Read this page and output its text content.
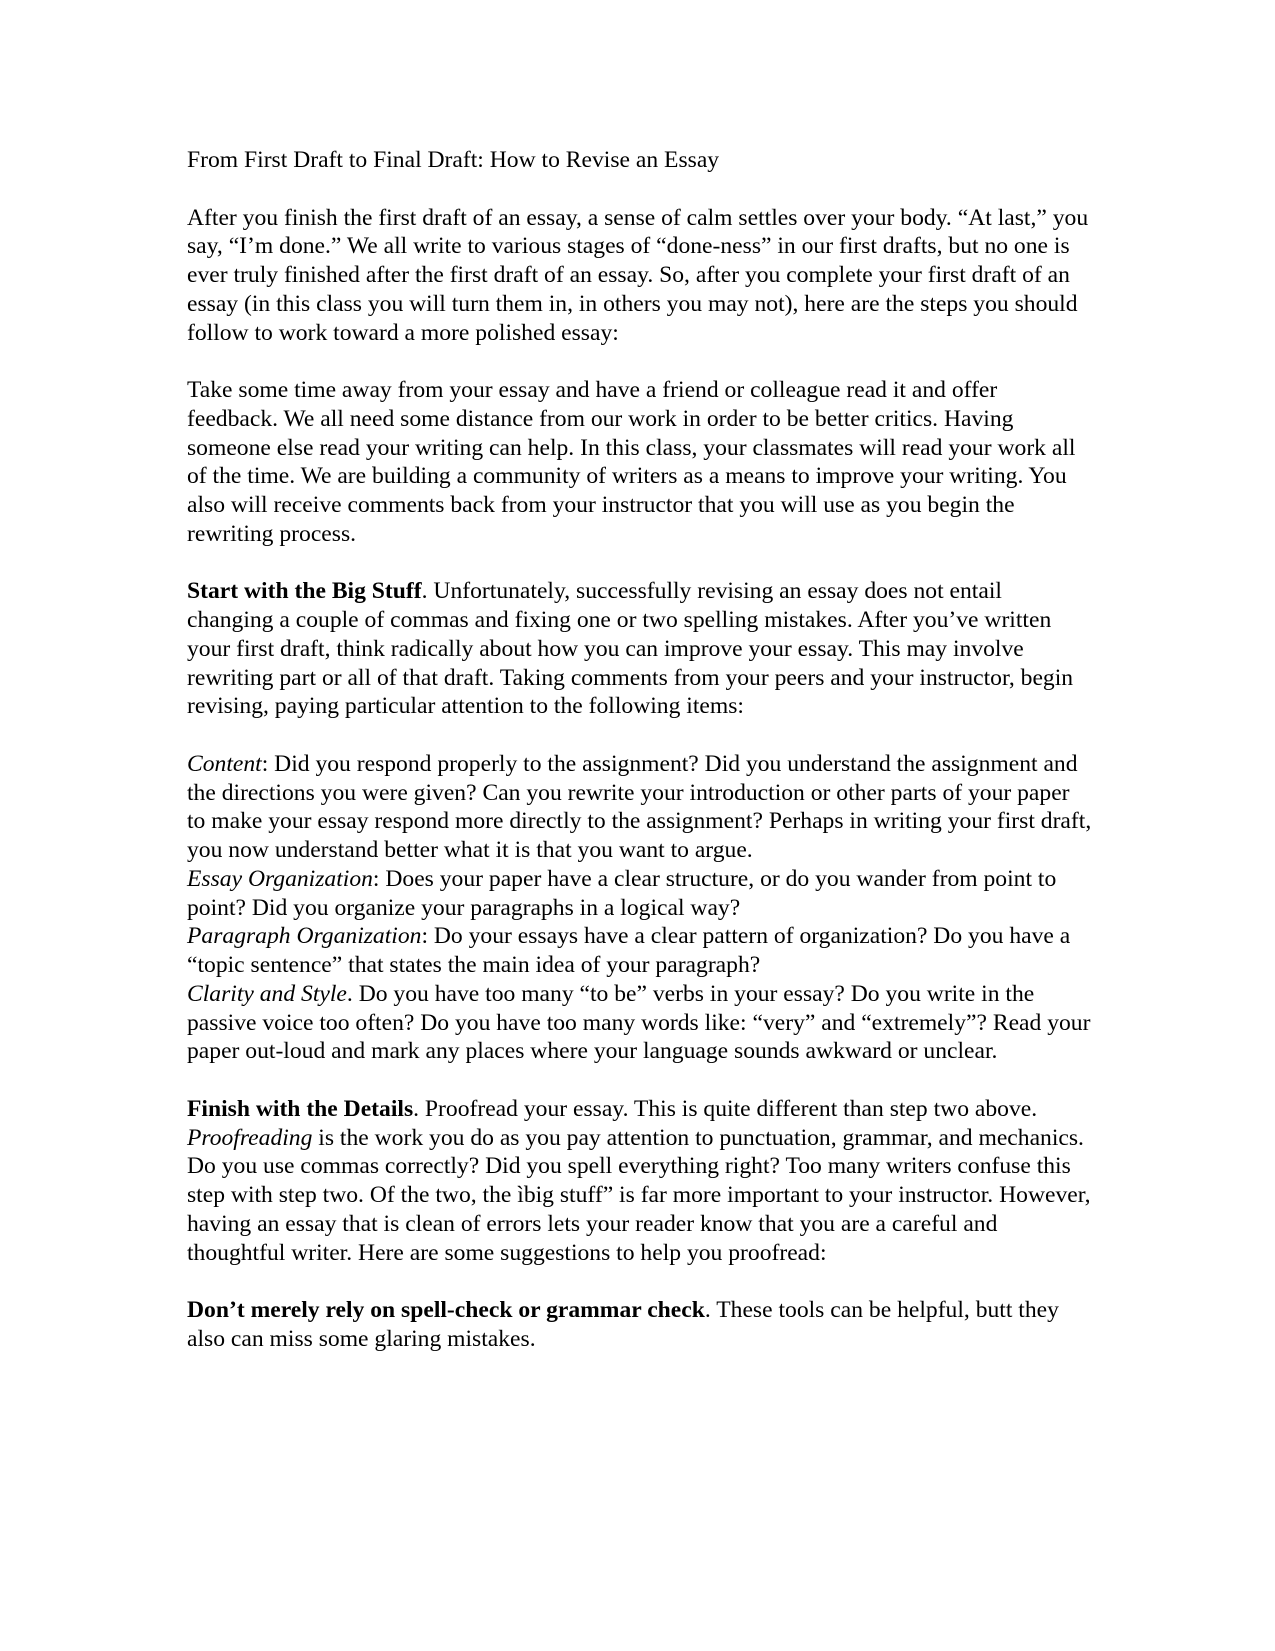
From First Draft to Final Draft: How to Revise an Essay

After you finish the first draft of an essay, a sense of calm settles over your body. “At last,” you say, “I’m done.” We all write to various stages of “done-ness” in our first drafts, but no one is ever truly finished after the first draft of an essay. So, after you complete your first draft of an essay (in this class you will turn them in, in others you may not), here are the steps you should follow to work toward a more polished essay:

Take some time away from your essay and have a friend or colleague read it and offer feedback. We all need some distance from our work in order to be better critics. Having someone else read your writing can help. In this class, your classmates will read your work all of the time. We are building a community of writers as a means to improve your writing. You also will receive comments back from your instructor that you will use as you begin the rewriting process.

Start with the Big Stuff. Unfortunately, successfully revising an essay does not entail changing a couple of commas and fixing one or two spelling mistakes. After you’ve written your first draft, think radically about how you can improve your essay. This may involve rewriting part or all of that draft. Taking comments from your peers and your instructor, begin revising, paying particular attention to the following items:

Content: Did you respond properly to the assignment? Did you understand the assignment and the directions you were given? Can you rewrite your introduction or other parts of your paper to make your essay respond more directly to the assignment? Perhaps in writing your first draft, you now understand better what it is that you want to argue.

Essay Organization: Does your paper have a clear structure, or do you wander from point to point? Did you organize your paragraphs in a logical way?

Paragraph Organization: Do your essays have a clear pattern of organization? Do you have a “topic sentence” that states the main idea of your paragraph?

Clarity and Style. Do you have too many “to be” verbs in your essay? Do you write in the passive voice too often? Do you have too many words like: “very” and “extremely”? Read your paper out-loud and mark any places where your language sounds awkward or unclear.

Finish with the Details. Proofread your essay. This is quite different than step two above. Proofreading is the work you do as you pay attention to punctuation, grammar, and mechanics. Do you use commas correctly? Did you spell everything right? Too many writers confuse this step with step two. Of the two, the ìbig stuff” is far more important to your instructor. However, having an essay that is clean of errors lets your reader know that you are a careful and thoughtful writer. Here are some suggestions to help you proofread:

Don’t merely rely on spell-check or grammar check. These tools can be helpful, butt they also can miss some glaring mistakes.
